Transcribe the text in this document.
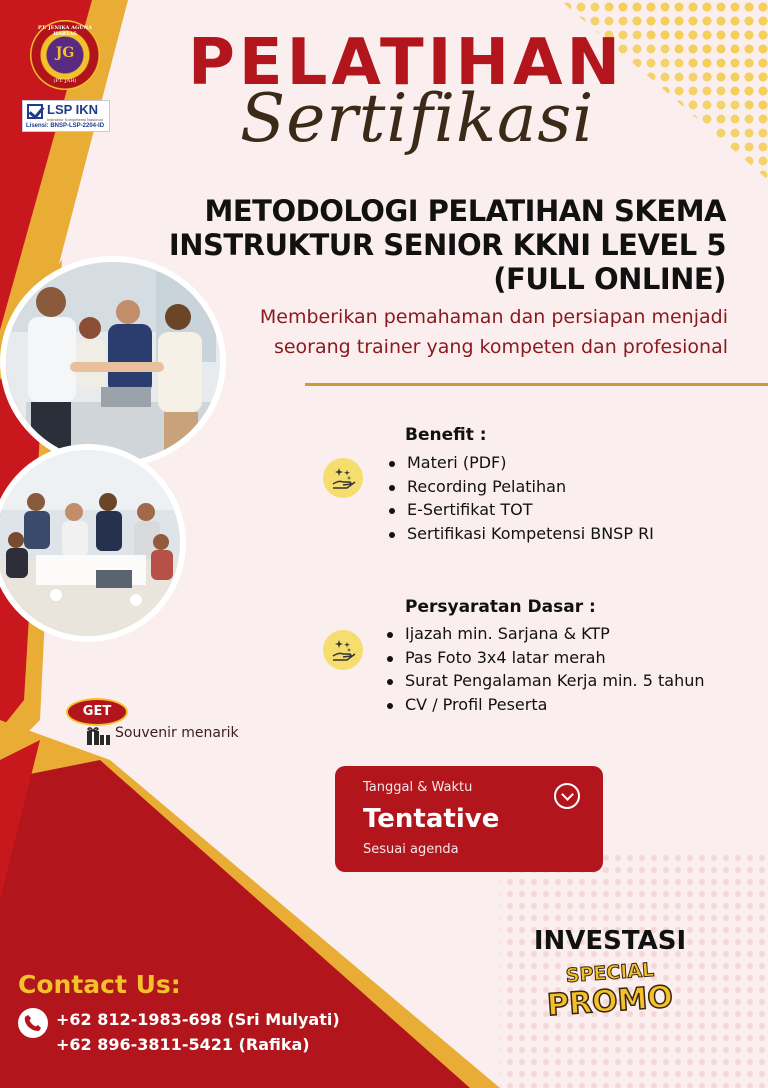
PT. JENIKA AGUNA HARTAS
JG
(PT. JAH)
LSP IKN
Instruktur Kompetensi Nasional
Lisensi: BNSP-LSP-2204-ID
PELATIHAN
Sertifikasi
METODOLOGI PELATIHAN SKEMA
INSTRUKTUR SENIOR KKNI LEVEL 5
(FULL ONLINE)
Memberikan pemahaman dan persiapan menjadi
seorang trainer yang kompeten dan profesional
Benefit :
Materi (PDF)
Recording Pelatihan
E-Sertifikat TOT
Sertifikasi Kompetensi BNSP RI
Persyaratan Dasar :
Ijazah min. Sarjana & KTP
Pas Foto 3x4 latar merah
Surat Pengalaman Kerja min. 5 tahun
CV / Profil Peserta
GET
Souvenir menarik
Tanggal & Waktu
Tentative
Sesuai agenda
Contact Us:
+62 812-1983-698 (Sri Mulyati)
+62 896-3811-5421 (Rafika)
INVESTASI
SPECIAL
PROMO
